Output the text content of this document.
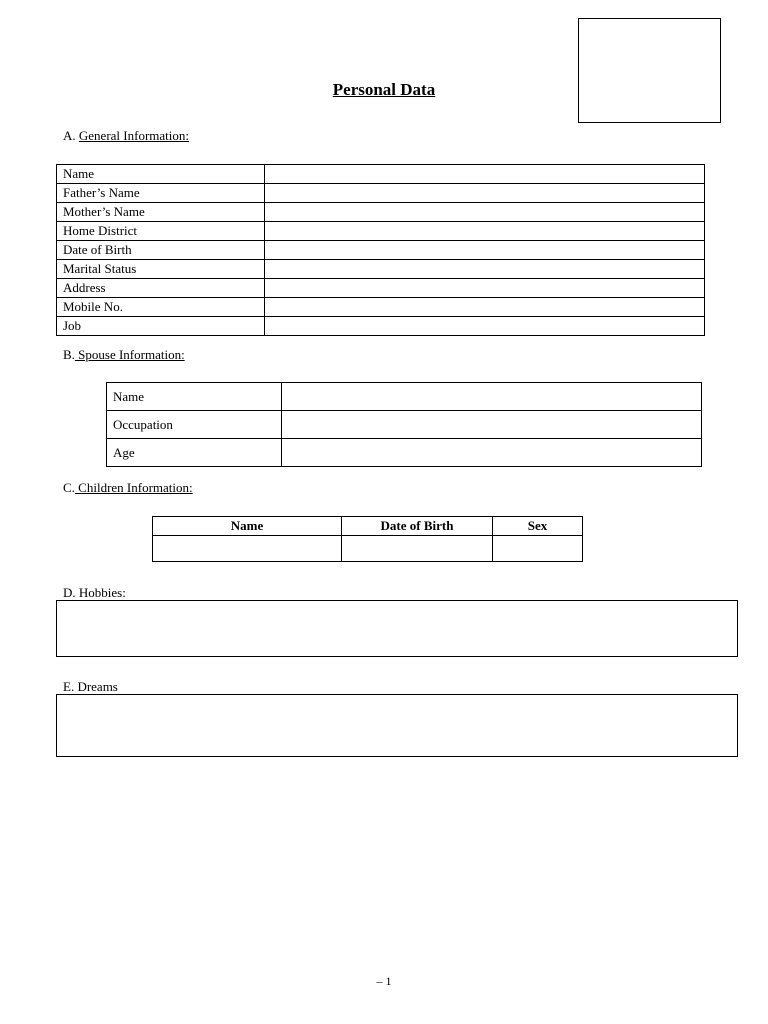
Personal Data
A. General Information:
Name	
Father’s Name	
Mother’s Name	
Home District	
Date of Birth	
Marital Status	
Address	
Mobile No.	
Job	
B. Spouse Information:
Name	
Occupation	
Age	
C. Children Information:
Name	Date of Birth	Sex

D. Hobbies:
E. Dreams
– 1
